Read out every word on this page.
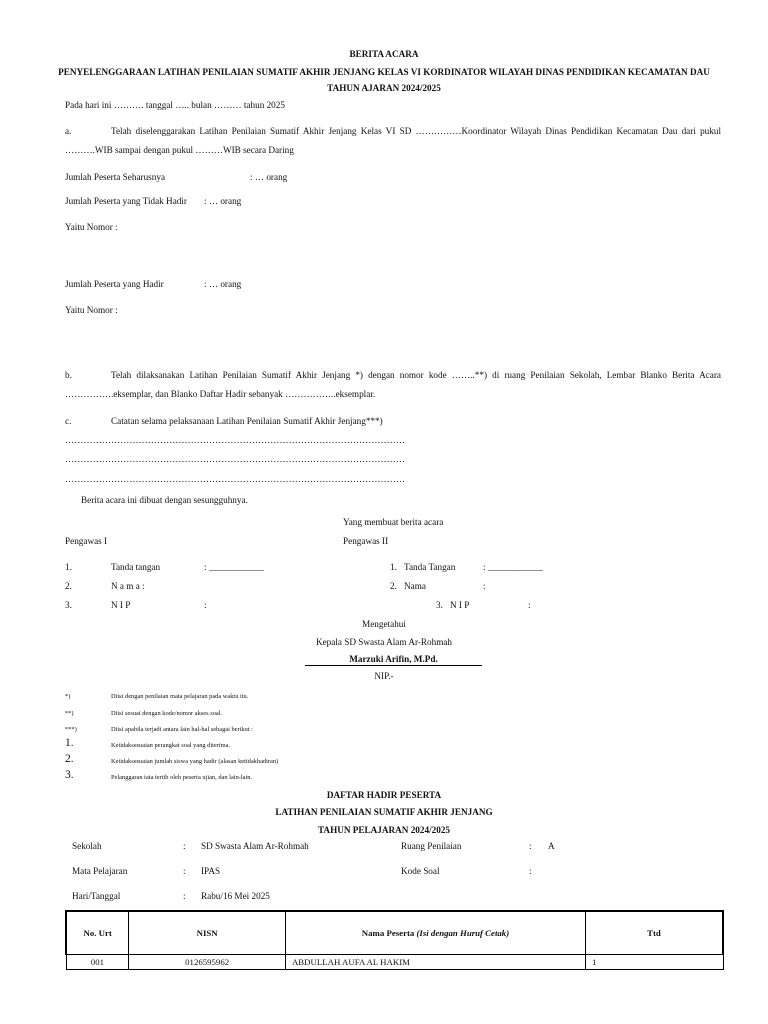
BERITA ACARA
PENYELENGGARAAN LATIHAN PENILAIAN SUMATIF AKHIR JENJANG KELAS VI KORDINATOR WILAYAH DINAS PENDIDIKAN KECAMATAN DAU
TAHUN AJARAN 2024/2025
Pada hari ini ………. tanggal ….. bulan ……… tahun 2025
a.	Telah diselenggarakan Latihan Penilaian Sumatif Akhir Jenjang Kelas VI SD ……………Koordinator Wilayah Dinas Pendidikan Kecamatan Dau dari pukul
……….WIB sampai dengan pukul ………WIB secara Daring
Jumlah Peserta Seharusnya	: … orang
Jumlah Peserta yang Tidak Hadir : … orang
Yaitu Nomor :
Jumlah Peserta yang Hadir	: … orang
Yaitu Nomor :
b.	Telah dilaksanakan Latihan Penilaian Sumatif Akhir Jenjang *) dengan nomor kode ……..**) di ruang Penilaian Sekolah, Lembar Blanko Berita Acara
…………….eksemplar, dan Blanko Daftar Hadir sebanyak ……………..eksemplar.
c.	Catatan selama pelaksanaan Latihan Penilaian Sumatif Akhir Jenjang***)
…………………………………………………………………………………………………
…………………………………………………………………………………………………
…………………………………………………………………………………………………
Berita acara ini dibuat dengan sesungguhnya.
Yang membuat berita acara
Pengawas I	Pengawas II
1.	Tanda tangan	: ____________
2.	N a m a :
3.	N I P	:
1. Tanda Tangan	: ____________
2. Nama	:
3. N I P	:
Mengetahui
Kepala SD Swasta Alam Ar-Rohmah
Marzuki Arifin, M.Pd.
NIP.-
*)	Diisi dengan penilaian mata pelajaran pada waktu itu.
**)	Diisi sesuai dengan kode/nomor akses soal.
***)	Diisi apabila terjadi antara lain hal-hal sebagai berikut :
1.	Ketidaksesuaian perangkat soal yang diterima.
2.	Ketidaksesuaian jumlah siswa yang hadir (alasan ketidakhadiran)
3.	Pelanggaran tata tertib oleh peserta ujian, dan lain-lain.
DAFTAR HADIR PESERTA
LATIHAN PENILAIAN SUMATIF AKHIR JENJANG
TAHUN PELAJARAN 2024/2025
Sekolah	: SD Swasta Alam Ar-Rohmah	Ruang Penilaian	: A
Mata Pelajaran	: IPAS	Kode Soal	:
Hari/Tanggal	: Rabu/16 Mei 2025
No. Urt	NISN	Nama Peserta (Isi dengan Huruf Cetak)	Ttd
001	0126595962	ABDULLAH AUFA AL HAKIM	1
